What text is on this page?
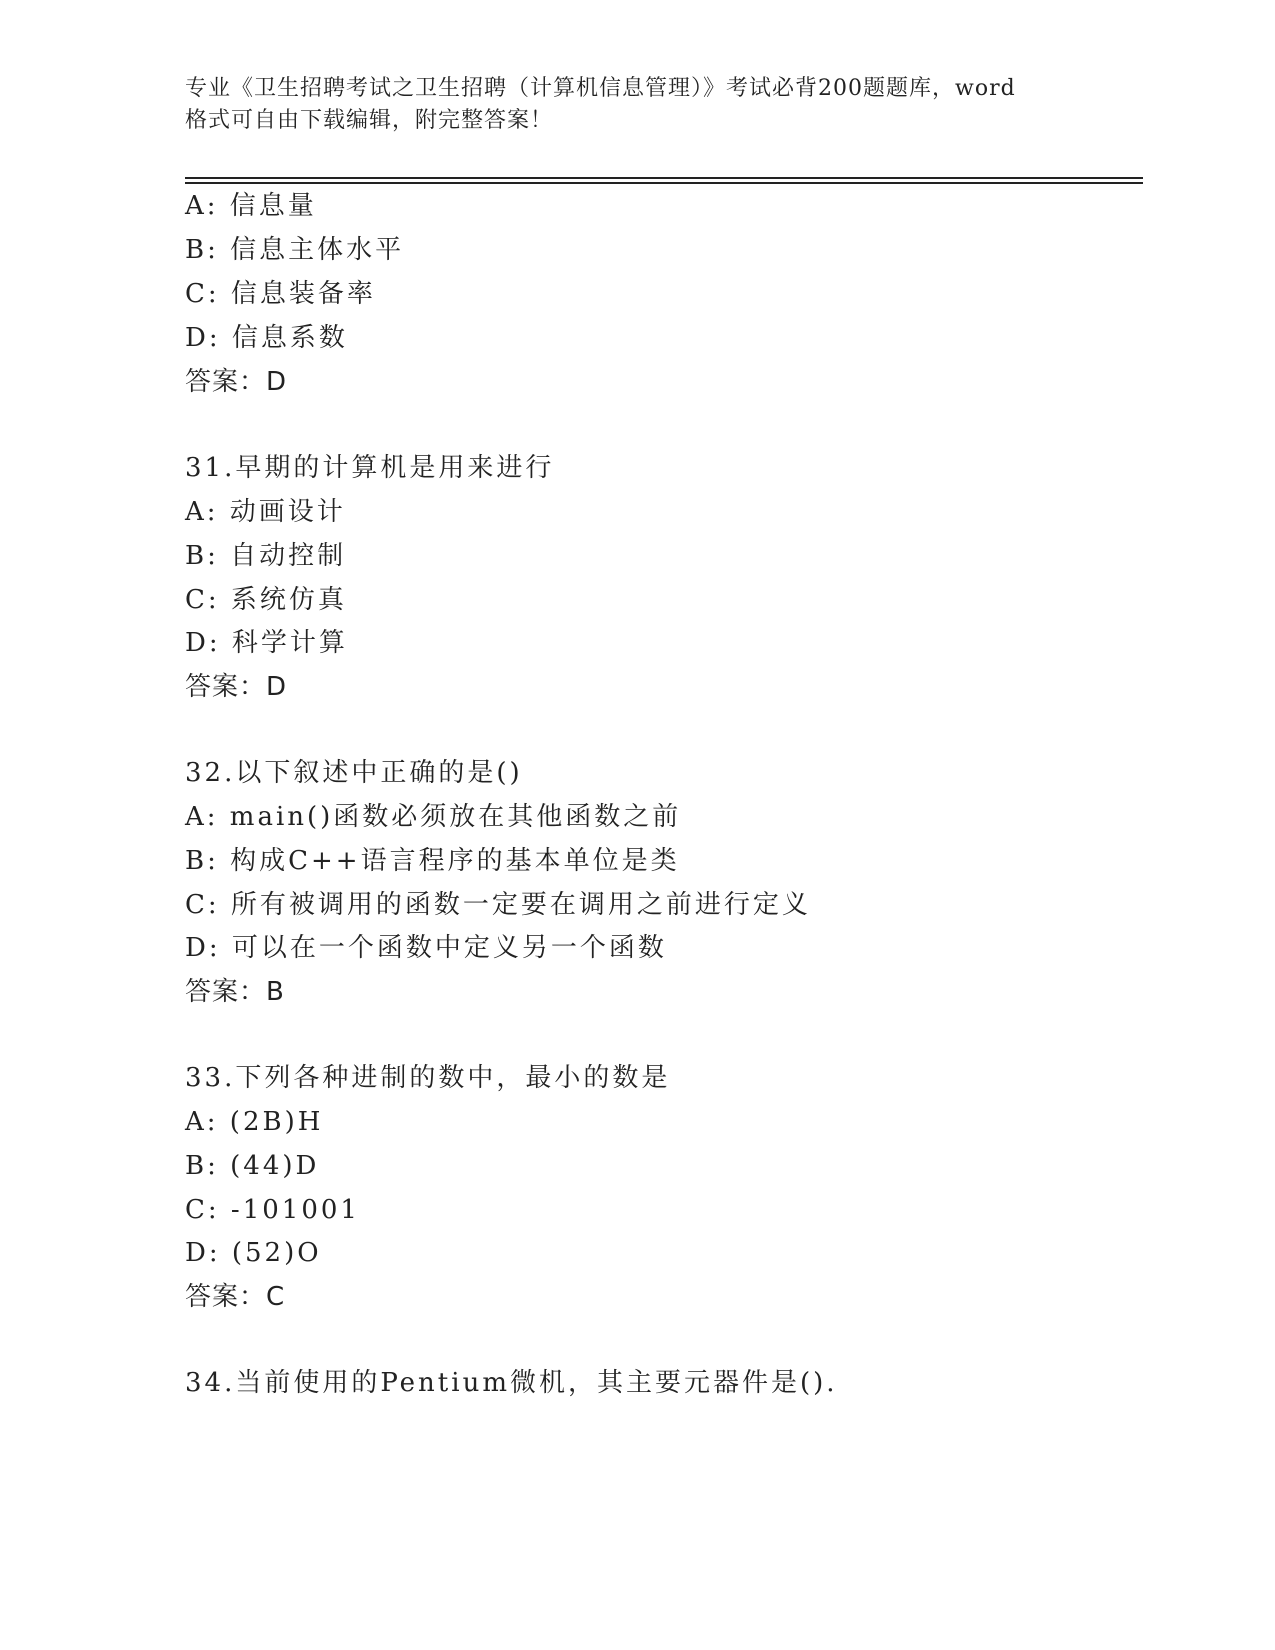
专业《卫生招聘考试之卫生招聘（计算机信息管理）》考试必背200题题库，word
格式可自由下载编辑，附完整答案！
A: 信息量
B: 信息主体水平
C: 信息装备率
D: 信息系数
答案：D
31.早期的计算机是用来进行
A: 动画设计
B: 自动控制
C: 系统仿真
D: 科学计算
答案：D
32.以下叙述中正确的是()
A: main()函数必须放在其他函数之前
B: 构成C++语言程序的基本单位是类
C: 所有被调用的函数一定要在调用之前进行定义
D: 可以在一个函数中定义另一个函数
答案：B
33.下列各种进制的数中，最小的数是
A: (2B)H
B: (44)D
C: -101001
D: (52)O
答案：C
34.当前使用的Pentium微机，其主要元器件是().
